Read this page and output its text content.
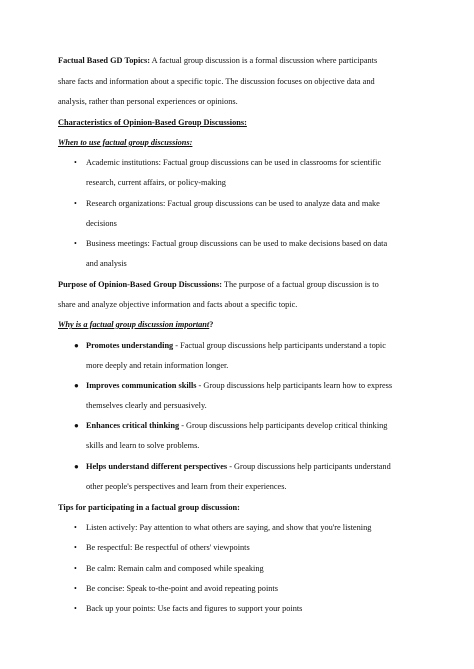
Factual Based GD Topics: A factual group discussion is a formal discussion where participants
share facts and information about a specific topic. The discussion focuses on objective data and
analysis, rather than personal experiences or opinions.
Characteristics of Opinion-Based Group Discussions:
When to use factual group discussions:
• Academic institutions: Factual group discussions can be used in classrooms for scientific
research, current affairs, or policy-making
• Research organizations: Factual group discussions can be used to analyze data and make
decisions
• Business meetings: Factual group discussions can be used to make decisions based on data
and analysis
Purpose of Opinion-Based Group Discussions: The purpose of a factual group discussion is to
share and analyze objective information and facts about a specific topic.
Why is a factual group discussion important?
● Promotes understanding - Factual group discussions help participants understand a topic
more deeply and retain information longer.
● Improves communication skills - Group discussions help participants learn how to express
themselves clearly and persuasively.
● Enhances critical thinking - Group discussions help participants develop critical thinking
skills and learn to solve problems.
● Helps understand different perspectives - Group discussions help participants understand
other people's perspectives and learn from their experiences.
Tips for participating in a factual group discussion:
• Listen actively: Pay attention to what others are saying, and show that you're listening
• Be respectful: Be respectful of others' viewpoints
• Be calm: Remain calm and composed while speaking
• Be concise: Speak to-the-point and avoid repeating points
• Back up your points: Use facts and figures to support your points
